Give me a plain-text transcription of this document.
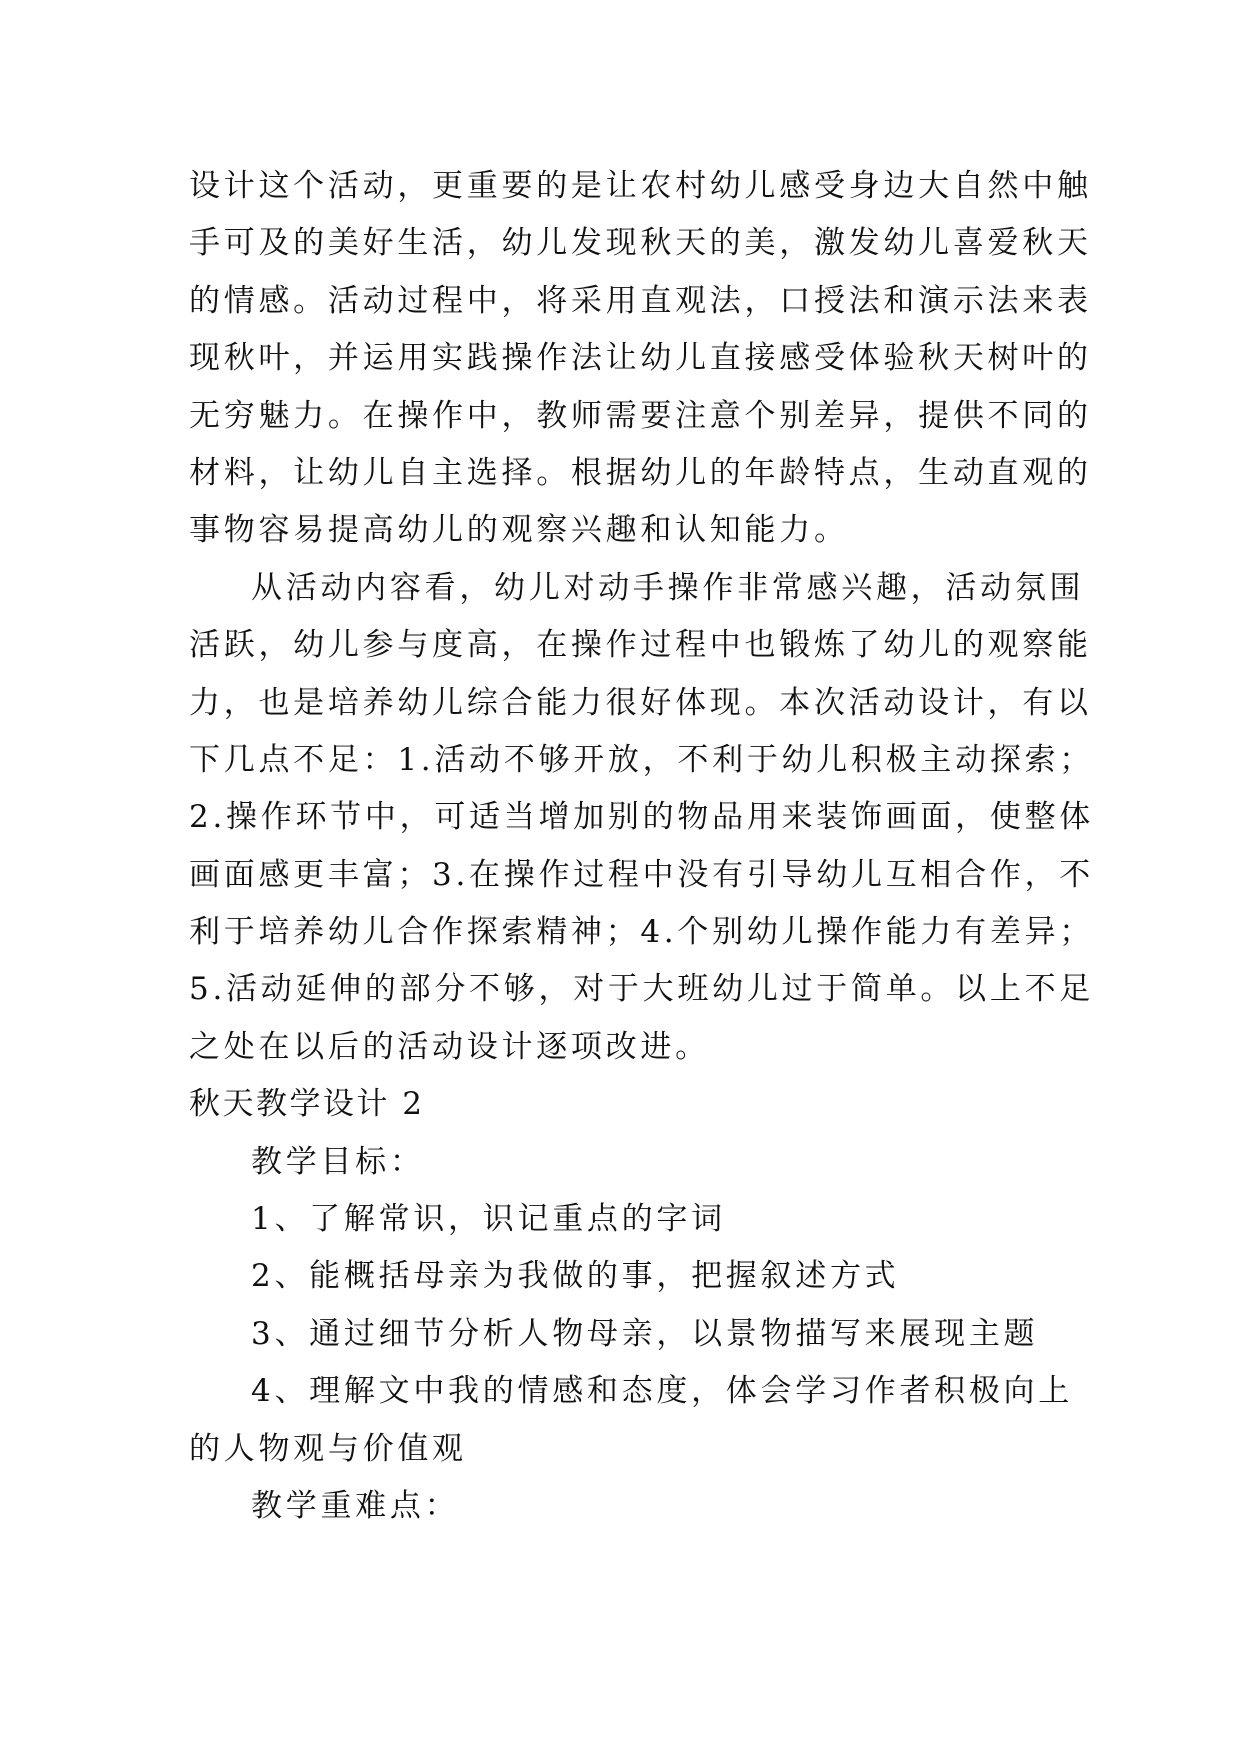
设计这个活动，更重要的是让农村幼儿感受身边大自然中触
手可及的美好生活，幼儿发现秋天的美，激发幼儿喜爱秋天
的情感。活动过程中，将采用直观法，口授法和演示法来表
现秋叶，并运用实践操作法让幼儿直接感受体验秋天树叶的
无穷魅力。在操作中，教师需要注意个别差异，提供不同的
材料，让幼儿自主选择。根据幼儿的年龄特点，生动直观的
事物容易提高幼儿的观察兴趣和认知能力。
从活动内容看，幼儿对动手操作非常感兴趣，活动氛围
活跃，幼儿参与度高，在操作过程中也锻炼了幼儿的观察能
力，也是培养幼儿综合能力很好体现。本次活动设计，有以
下几点不足：1.活动不够开放，不利于幼儿积极主动探索；
2.操作环节中，可适当增加别的物品用来装饰画面，使整体
画面感更丰富；3.在操作过程中没有引导幼儿互相合作，不
利于培养幼儿合作探索精神；4.个别幼儿操作能力有差异；
5.活动延伸的部分不够，对于大班幼儿过于简单。以上不足
之处在以后的活动设计逐项改进。
秋天教学设计 2
教学目标：
1、了解常识，识记重点的字词
2、能概括母亲为我做的事，把握叙述方式
3、通过细节分析人物母亲，以景物描写来展现主题
4、理解文中我的情感和态度，体会学习作者积极向上
的人物观与价值观
教学重难点：
